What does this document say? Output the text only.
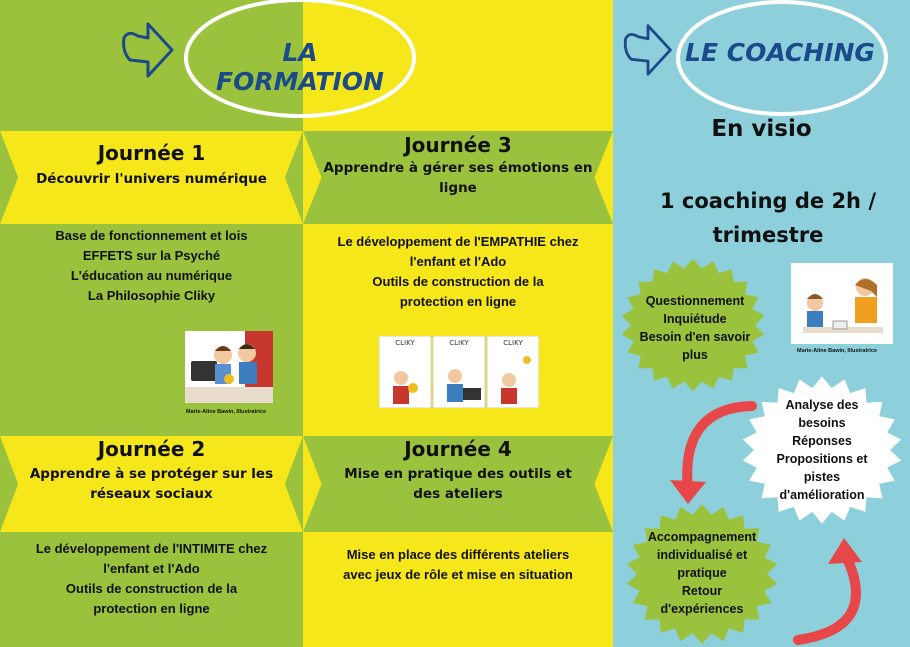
LA FORMATION
LE COACHING
Journée 1
Découvrir l'univers numérique
Base de fonctionnement et lois
EFFETS sur la Psyché
L'éducation au numérique
La Philosophie Cliky
Journée 3
Apprendre à gérer ses émotions en ligne
Le développement de l'EMPATHIE chez
l'enfant et l'Ado
Outils de construction de la
protection en ligne
Marie-Aline Bawin, Illustratrice
CLIKY	CLIKY	CLIKY
Journée 2
Apprendre à se protéger sur les réseaux sociaux
Le développement de l'INTIMITE chez
l'enfant et l'Ado
Outils de construction de la
protection en ligne
Journée 4
Mise en pratique des outils et des ateliers
Mise en place des différents ateliers
avec jeux de rôle et mise en situation
En visio
1 coaching de 2h / trimestre
Marie-Aline Bawin, Illustratrice
Questionnement
Inquiétude
Besoin d'en savoir
plus
Analyse des
besoins
Réponses
Propositions et
pistes
d'amélioration
Accompagnement
individualisé et
pratique
Retour
d'expériences
